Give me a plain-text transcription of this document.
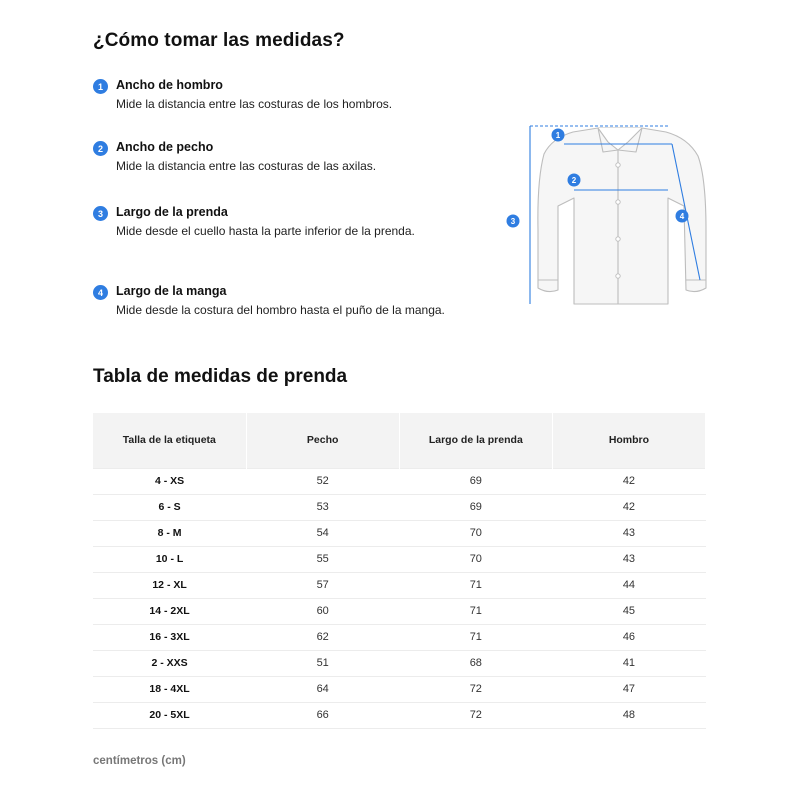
¿Cómo tomar las medidas?
1	Ancho de hombro
Mide la distancia entre las costuras de los hombros.
2	Ancho de pecho
Mide la distancia entre las costuras de las axilas.
3	Largo de la prenda
Mide desde el cuello hasta la parte inferior de la prenda.
4	Largo de la manga
Mide desde la costura del hombro hasta el puño de la manga.
1
2
3
4
Tabla de medidas de prenda
Talla de la etiqueta	Pecho	Largo de la prenda	Hombro
4 - XS	52	69	42
6 - S	53	69	42
8 - M	54	70	43
10 - L	55	70	43
12 - XL	57	71	44
14 - 2XL	60	71	45
16 - 3XL	62	71	46
2 - XXS	51	68	41
18 - 4XL	64	72	47
20 - 5XL	66	72	48
centímetros (cm)
